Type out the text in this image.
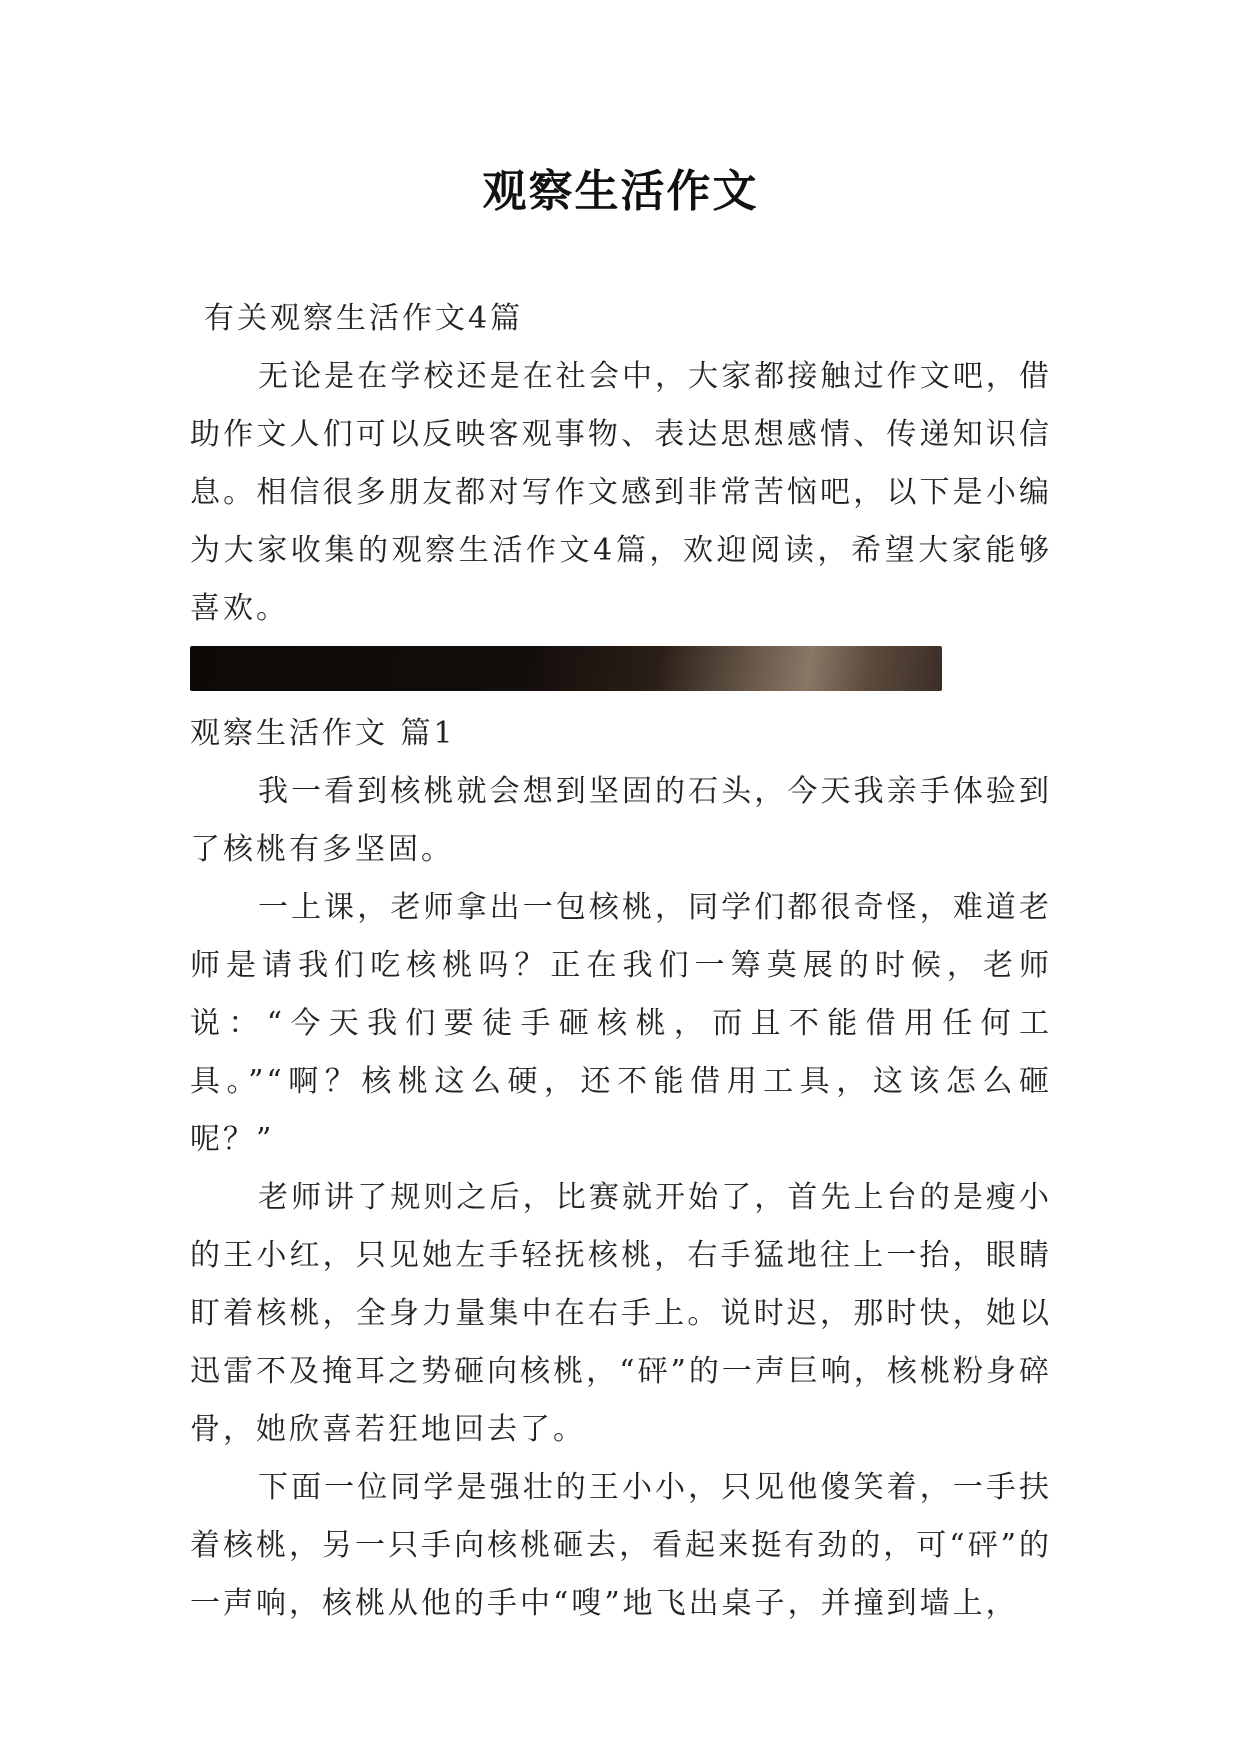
观察生活作文

有关观察生活作文4篇

无论是在学校还是在社会中，大家都接触过作文吧，借助作文人们可以反映客观事物、表达思想感情、传递知识信息。相信很多朋友都对写作文感到非常苦恼吧，以下是小编为大家收集的观察生活作文4篇，欢迎阅读，希望大家能够喜欢。

观察生活作文 篇1

我一看到核桃就会想到坚固的石头，今天我亲手体验到了核桃有多坚固。

一上课，老师拿出一包核桃，同学们都很奇怪，难道老师是请我们吃核桃吗？正在我们一筹莫展的时候，老师说：“今天我们要徒手砸核桃，而且不能借用任何工具。”“啊？核桃这么硬，还不能借用工具，这该怎么砸呢？”

老师讲了规则之后，比赛就开始了，首先上台的是瘦小的王小红，只见她左手轻抚核桃，右手猛地往上一抬，眼睛盯着核桃，全身力量集中在右手上。说时迟，那时快，她以迅雷不及掩耳之势砸向核桃，“砰”的一声巨响，核桃粉身碎骨，她欣喜若狂地回去了。

下面一位同学是强壮的王小小，只见他傻笑着，一手扶着核桃，另一只手向核桃砸去，看起来挺有劲的，可“砰”的一声响，核桃从他的手中“嗖”地飞出桌子，并撞到墙上，
